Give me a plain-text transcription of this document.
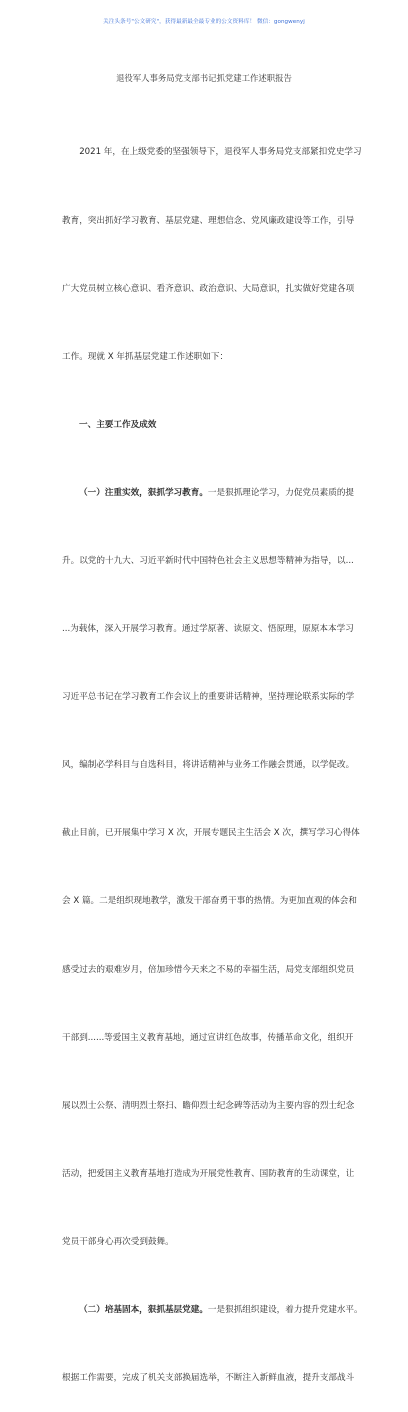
关注头条号"公文研究"，获得最新最全最专业的公文资料库！ 微信：gongwenyj
退役军人事务局党支部书记抓党建工作述职报告

　　2021 年，在上级党委的坚强领导下，退役军人事务局党支部紧扣党史学习

教育，突出抓好学习教育、基层党建、理想信念、党风廉政建设等工作，引导

广大党员树立核心意识、看齐意识、政治意识、大局意识，扎实做好党建各项

工作。现就 X 年抓基层党建工作述职如下：

一、主要工作及成效

（一）注重实效，狠抓学习教育。一是狠抓理论学习，力促党员素质的提

升。以党的十九大、习近平新时代中国特色社会主义思想等精神为指导，以...

...为载体，深入开展学习教育。通过学原著、读原文、悟原理，原原本本学习

习近平总书记在学习教育工作会议上的重要讲话精神，坚持理论联系实际的学

风，编制必学科目与自选科目，将讲话精神与业务工作融会贯通，以学促改。

截止目前，已开展集中学习 X 次，开展专题民主生活会 X 次，撰写学习心得体

会 X 篇。二是组织现地教学，激发干部奋勇干事的热情。为更加直观的体会和

感受过去的艰难岁月，倍加珍惜今天来之不易的幸福生活，局党支部组织党员

干部到......等爱国主义教育基地，通过宣讲红色故事，传播革命文化，组织开

展以烈士公祭、清明烈士祭扫、瞻仰烈士纪念碑等活动为主要内容的烈士纪念

活动，把爱国主义教育基地打造成为开展党性教育、国防教育的生动课堂，让

党员干部身心再次受到鼓舞。

（二）培基固本，狠抓基层党建。一是狠抓组织建设，着力提升党建水平。

根据工作需要，完成了机关支部换届选举，不断注入新鲜血液，提升支部战斗
